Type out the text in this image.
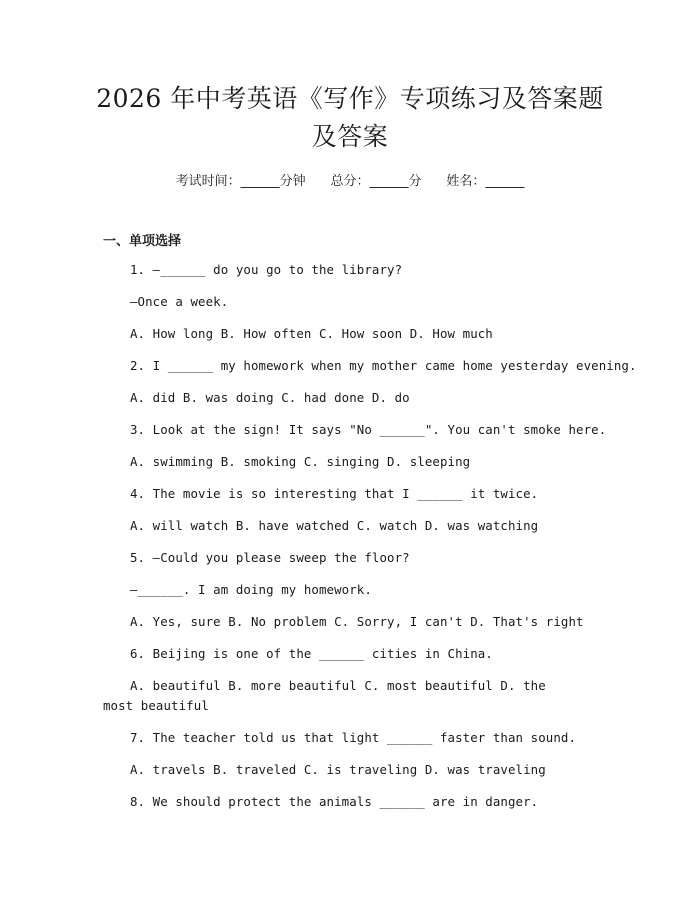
2026 年中考英语《写作》专项练习及答案题及答案
考试时间：______分钟 总分：______分 姓名：______
一、单项选择
1. —______ do you go to the library?
—Once a week.
A. How long B. How often C. How soon D. How much
2. I ______ my homework when my mother came home yesterday evening.
A. did B. was doing C. had done D. do
3. Look at the sign! It says "No ______". You can't smoke here.
A. swimming B. smoking C. singing D. sleeping
4. The movie is so interesting that I ______ it twice.
A. will watch B. have watched C. watch D. was watching
5. —Could you please sweep the floor?
—______. I am doing my homework.
A. Yes, sure B. No problem C. Sorry, I can't D. That's right
6. Beijing is one of the ______ cities in China.
A. beautiful B. more beautiful C. most beautiful D. the most beautiful
7. The teacher told us that light ______ faster than sound.
A. travels B. traveled C. is traveling D. was traveling
8. We should protect the animals ______ are in danger.
